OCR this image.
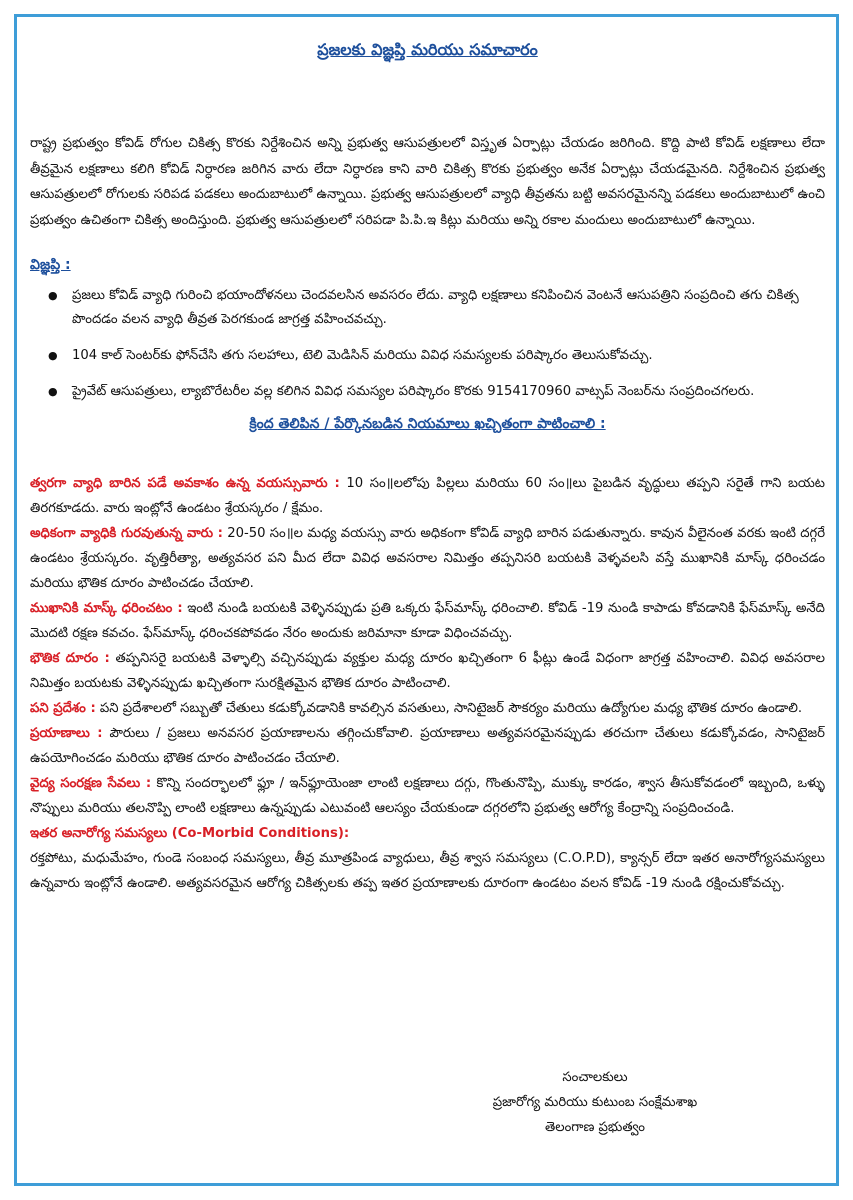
ప్రజలకు విజ్ఞప్తి మరియు సమాచారం

రాష్ట్ర ప్రభుత్వం కోవిడ్ రోగుల చికిత్స కొరకు నిర్దేశించిన అన్ని ప్రభుత్వ ఆసుపత్రులలో విస్తృత ఏర్పాట్లు చేయడం జరిగింది. కొద్ది పాటి కోవిడ్ లక్షణాలు లేదా తీవ్రమైన లక్షణాలు కలిగి కోవిడ్ నిర్ధారణ జరిగిన వారు లేదా నిర్ధారణ కాని వారి చికిత్స కొరకు ప్రభుత్వం అనేక ఏర్పాట్లు చేయడమైనది. నిర్దేశించిన ప్రభుత్వ ఆసుపత్రులలో రోగులకు సరిపడ పడకలు అందుబాటులో ఉన్నాయి. ప్రభుత్వ ఆసుపత్రులలో వ్యాధి తీవ్రతను బట్టి అవసరమైనన్ని పడకలు అందుబాటులో ఉంచి ప్రభుత్వం ఉచితంగా చికిత్స అందిస్తుంది. ప్రభుత్వ ఆసుపత్రులలో సరిపడా పి.పి.ఇ కిట్లు మరియు అన్ని రకాల మందులు అందుబాటులో ఉన్నాయి.

విజ్ఞప్తి :
● ప్రజలు కోవిడ్ వ్యాధి గురించి భయాందోళనలు చెందవలసిన అవసరం లేదు. వ్యాధి లక్షణాలు కనిపించిన వెంటనే ఆసుపత్రిని సంప్రదించి తగు చికిత్స పొందడం వలన వ్యాధి తీవ్రత పెరగకుండ జాగ్రత్త వహించవచ్చు.
● 104 కాల్ సెంటర్‌కు ఫోన్‌చేసి తగు సలహాలు, టెలి మెడిసిన్ మరియు వివిధ సమస్యలకు పరిష్కారం తెలుసుకోవచ్చు.
● ప్రైవేట్ ఆసుపత్రులు, ల్యాబొరేటరీల వల్ల కలిగిన వివిధ సమస్యల పరిష్కారం కొరకు 9154170960 వాట్సప్ నెంబర్‌ను సంప్రదించగలరు.
క్రింద తెలిపిన / పేర్కొనబడిన నియమాలు ఖచ్చితంగా పాటించాలి :

త్వరగా వ్యాధి బారిన పడే అవకాశం ఉన్న వయస్సువారు : 10 సం॥లలోపు పిల్లలు మరియు 60 సం॥లు పైబడిన వృద్ధులు తప్పని సరైతే గాని బయట తిరగకూడదు. వారు ఇంట్లోనే ఉండటం శ్రేయస్కరం / క్షేమం.

అధికంగా వ్యాధికి గురవుతున్న వారు : 20-50 సం॥ల మధ్య వయస్సు వారు అధికంగా కోవిడ్ వ్యాధి బారిన పడుతున్నారు. కావున వీలైనంత వరకు ఇంటి దగ్గరే ఉండటం శ్రేయస్కరం. వృత్తిరీత్యా, అత్యవసర పని మీద లేదా వివిధ అవసరాల నిమిత్తం తప్పనిసరి బయటకి వెళ్ళవలసి వస్తే ముఖానికి మాస్క్ ధరించడం మరియు భౌతిక దూరం పాటించడం చేయాలి.

ముఖానికి మాస్క్ ధరించటం : ఇంటి నుండి బయటకి వెళ్ళినప్పుడు ప్రతి ఒక్కరు ఫేస్‌మాస్క్ ధరించాలి. కోవిడ్ -19 నుండి కాపాడు కోవడానికి ఫేస్‌మాస్క్ అనేది మొదటి రక్షణ కవచం. ఫేస్‌మాస్క్ ధరించకపోవడం నేరం అందుకు జరిమానా కూడా విధించవచ్చు.

భౌతిక దూరం : తప్పనిసరై బయటకి వెళ్ళాల్సి వచ్చినప్పుడు వ్యక్తుల మధ్య దూరం ఖచ్చితంగా 6 ఫీట్లు ఉండే విధంగా జాగ్రత్త వహించాలి. వివిధ అవసరాల నిమిత్తం బయటకు వెళ్ళినప్పుడు ఖచ్చితంగా సురక్షితమైన భౌతిక దూరం పాటించాలి.

పని ప్రదేశం : పని ప్రదేశాలలో సబ్బుతో చేతులు కడుక్కోవడానికి కావల్సిన వసతులు, సానిటైజర్ సౌకర్యం మరియు ఉద్యోగుల మధ్య భౌతిక దూరం ఉండాలి.

ప్రయాణాలు : పౌరులు / ప్రజలు అనవసర ప్రయాణాలను తగ్గించుకోవాలి. ప్రయాణాలు అత్యవసరమైనప్పుడు తరచుగా చేతులు కడుక్కోవడం, సానిటైజర్ ఉపయోగించడం మరియు భౌతిక దూరం పాటించడం చేయాలి.

వైద్య సంరక్షణ సేవలు : కొన్ని సందర్భాలలో ఫ్లూ / ఇన్‌ఫ్లూయెంజా లాంటి లక్షణాలు దగ్గు, గొంతునొప్పి, ముక్కు కారడం, శ్వాస తీసుకోవడంలో ఇబ్బంది, ఒళ్ళు నొప్పులు మరియు తలనొప్పి లాంటి లక్షణాలు ఉన్నప్పుడు ఎటువంటి ఆలస్యం చేయకుండా దగ్గరలోని ప్రభుత్వ ఆరోగ్య కేంద్రాన్ని సంప్రదించండి.

ఇతర అనారోగ్య సమస్యలు (Co-Morbid Conditions):

రక్తపోటు, మధుమేహం, గుండె సంబంధ సమస్యలు, తీవ్ర మూత్రపిండ వ్యాధులు, తీవ్ర శ్వాస సమస్యలు (C.O.P.D), క్యాన్సర్ లేదా ఇతర అనారోగ్యసమస్యలు ఉన్నవారు ఇంట్లోనే ఉండాలి. అత్యవసరమైన ఆరోగ్య చికిత్సలకు తప్ప ఇతర ప్రయాణాలకు దూరంగా ఉండటం వలన కోవిడ్ -19 నుండి రక్షించుకోవచ్చు.

సంచాలకులు
ప్రజారోగ్య మరియు కుటుంబ సంక్షేమశాఖ
తెలంగాణ ప్రభుత్వం
